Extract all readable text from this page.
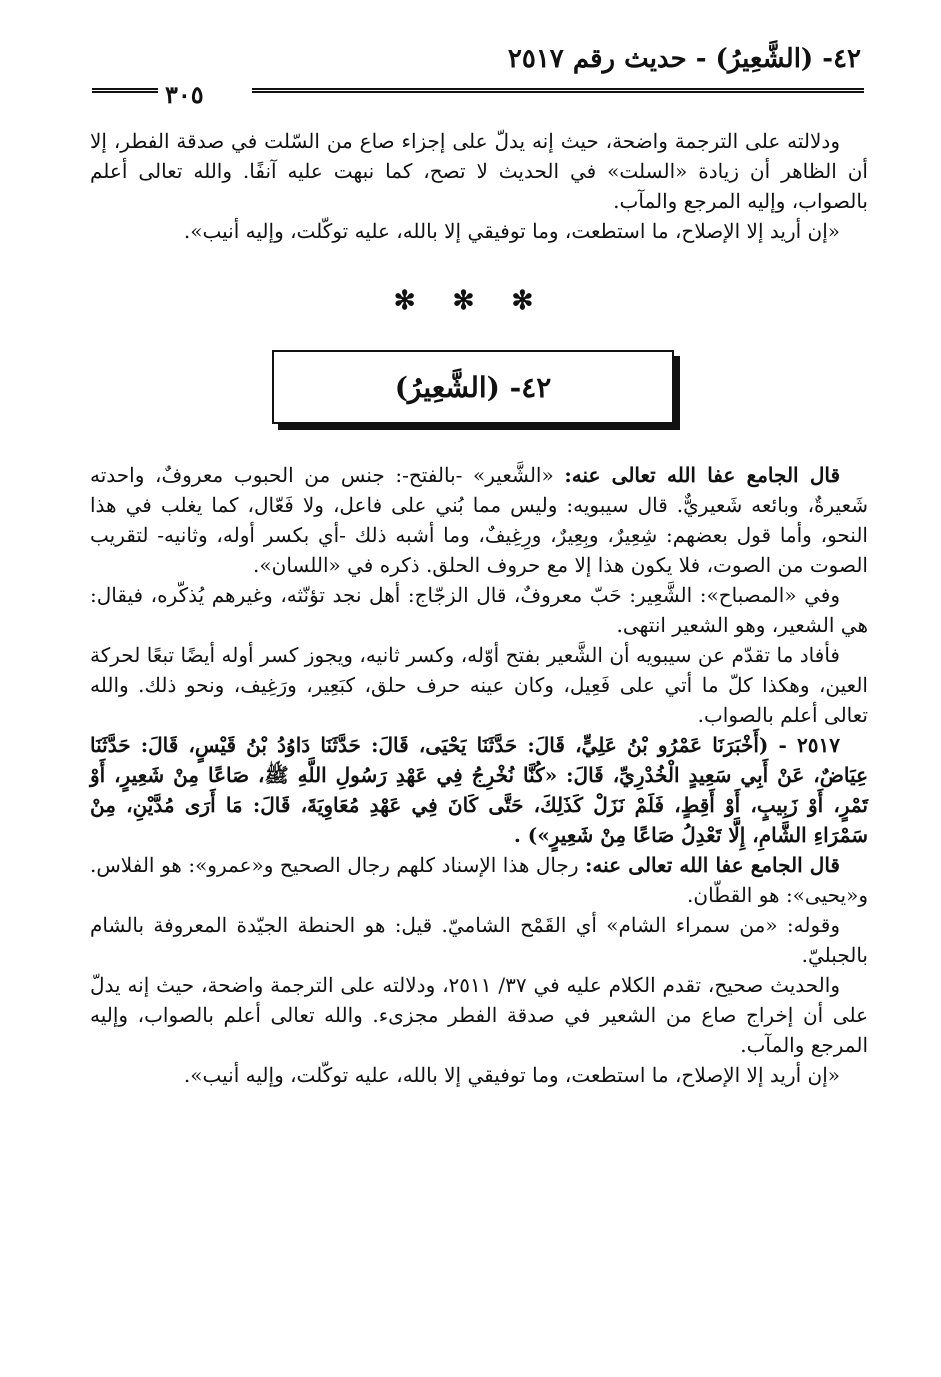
٤٢- (الشَّعِيرُ) - حديث رقم ٢٥١٧
٣٠٥

ودلالته على الترجمة واضحة، حيث إنه يدلّ على إجزاء صاع من السّلت في صدقة الفطر، إلا أن الظاهر أن زيادة «السلت» في الحديث لا تصح، كما نبهت عليه آنفًا. والله تعالى أعلم بالصواب، وإليه المرجع والمآب.

«إن أريد إلا الإصلاح، ما استطعت، وما توفيقي إلا بالله، عليه توكّلت، وإليه أنيب».

✻ ✻ ✻
٤٢- (الشَّعِيرُ)

قال الجامع عفا الله تعالى عنه: «الشَّعير» -بالفتح-: جنس من الحبوب معروفٌ، واحدته شَعيرةٌ، وبائعه شَعيريٌّ. قال سيبويه: وليس مما بُني على فاعل، ولا فَعّال، كما يغلب في هذا النحو، وأما قول بعضهم: شِعِيرٌ، وبِعِيرٌ، ورِغِيفٌ، وما أشبه ذلك -أي بكسر أوله، وثانيه- لتقريب الصوت من الصوت، فلا يكون هذا إلا مع حروف الحلق. ذكره في «اللسان».

وفي «المصباح»: الشَّعِير: حَبّ معروفٌ، قال الزجّاج: أهل نجد تؤنّثه، وغيرهم يُذكّره، فيقال: هي الشعير، وهو الشعير انتهى.

فأفاد ما تقدّم عن سيبويه أن الشَّعير بفتح أوّله، وكسر ثانيه، ويجوز كسر أوله أيضًا تبعًا لحركة العين، وهكذا كلّ ما أتي على فَعِيل، وكان عينه حرف حلق، كبَعِير، ورَغِيف، ونحو ذلك. والله تعالى أعلم بالصواب.

٢٥١٧ - (أَخْبَرَنَا عَمْرُو بْنُ عَلِيٍّ، قَالَ: حَدَّثَنَا يَحْيَى، قَالَ: حَدَّثَنَا دَاوُدُ بْنُ قَيْسٍ، قَالَ: حَدَّثَنَا عِيَاضٌ، عَنْ أَبِي سَعِيدٍ الْخُدْرِيِّ، قَالَ: «كُنَّا نُخْرِجُ فِي عَهْدِ رَسُولِ اللَّهِ ﷺ، صَاعًا مِنْ شَعِيرٍ، أَوْ تَمْرٍ، أَوْ زَبِيبٍ، أَوْ أَقِطٍ، فَلَمْ نَزَلْ كَذَلِكَ، حَتَّى كَانَ فِي عَهْدِ مُعَاوِيَةَ، قَالَ: مَا أَرَى مُدَّيْنِ، مِنْ سَمْرَاءِ الشَّامِ، إِلَّا تَعْدِلُ صَاعًا مِنْ شَعِيرٍ») .

قال الجامع عفا الله تعالى عنه: رجال هذا الإسناد كلهم رجال الصحيح و«عمرو»: هو الفلاس. و«يحيى»: هو القطّان.

وقوله: «من سمراء الشام» أي القَمْح الشاميّ. قيل: هو الحنطة الجيّدة المعروفة بالشام بالجبليّ.

والحديث صحيح، تقدم الكلام عليه في ٣٧/ ٢٥١١، ودلالته على الترجمة واضحة، حيث إنه يدلّ على أن إخراج صاع من الشعير في صدقة الفطر مجزىء. والله تعالى أعلم بالصواب، وإليه المرجع والمآب.

«إن أريد إلا الإصلاح، ما استطعت، وما توفيقي إلا بالله، عليه توكّلت، وإليه أنيب».
